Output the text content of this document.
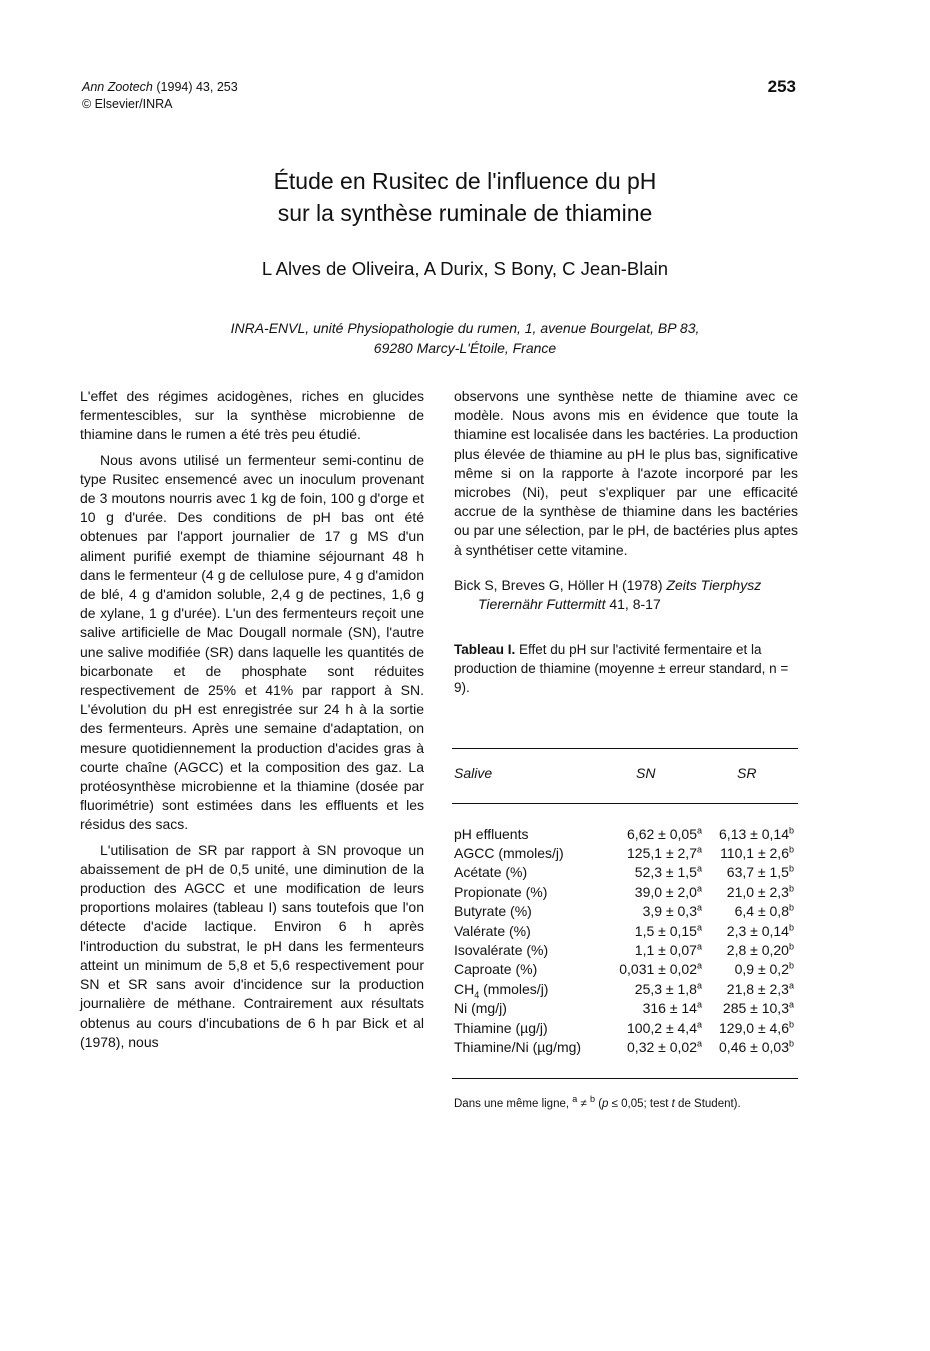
Ann Zootech (1994) 43, 253
© Elsevier/INRA
253
Étude en Rusitec de l'influence du pH
sur la synthèse ruminale de thiamine
L Alves de Oliveira, A Durix, S Bony, C Jean-Blain
INRA-ENVL, unité Physiopathologie du rumen, 1, avenue Bourgelat, BP 83,
69280 Marcy-L'Étoile, France

L'effet des régimes acidogènes, riches en glucides fermentescibles, sur la synthèse microbienne de thiamine dans le rumen a été très peu étudié.

Nous avons utilisé un fermenteur semi-continu de type Rusitec ensemencé avec un inoculum provenant de 3 moutons nourris avec 1 kg de foin, 100 g d'orge et 10 g d'urée. Des conditions de pH bas ont été obtenues par l'apport journalier de 17 g MS d'un aliment purifié exempt de thiamine séjournant 48 h dans le fermenteur (4 g de cellulose pure, 4 g d'amidon de blé, 4 g d'amidon soluble, 2,4 g de pectines, 1,6 g de xylane, 1 g d'urée). L'un des fermenteurs reçoit une salive artificielle de Mac Dougall normale (SN), l'autre une salive modifiée (SR) dans laquelle les quantités de bicarbonate et de phosphate sont réduites respectivement de 25% et 41% par rapport à SN. L'évolution du pH est enregistrée sur 24 h à la sortie des fermenteurs. Après une semaine d'adaptation, on mesure quotidiennement la production d'acides gras à courte chaîne (AGCC) et la composition des gaz. La protéosynthèse microbienne et la thiamine (dosée par fluorimétrie) sont estimées dans les effluents et les résidus des sacs.

L'utilisation de SR par rapport à SN provoque un abaissement de pH de 0,5 unité, une diminution de la production des AGCC et une modification de leurs proportions molaires (tableau I) sans toutefois que l'on détecte d'acide lactique. Environ 6 h après l'introduction du substrat, le pH dans les fermenteurs atteint un minimum de 5,8 et 5,6 respectivement pour SN et SR sans avoir d'incidence sur la production journalière de méthane. Contrairement aux résultats obtenus au cours d'incubations de 6 h par Bick et al (1978), nous

observons une synthèse nette de thiamine avec ce modèle. Nous avons mis en évidence que toute la thiamine est localisée dans les bactéries. La production plus élevée de thiamine au pH le plus bas, significative même si on la rapporte à l'azote incorporé par les microbes (Ni), peut s'expliquer par une efficacité accrue de la synthèse de thiamine dans les bactéries ou par une sélection, par le pH, de bactéries plus aptes à synthétiser cette vitamine.

Bick S, Breves G, Höller H (1978) Zeits Tierphysz Tierernähr Futtermitt 41, 8-17

Tableau I. Effet du pH sur l'activité fermentaire et la production de thiamine (moyenne ± erreur standard, n = 9).

Salive	SN	SR
pH effluents	6,62 ± 0,05$^a$	6,13 ± 0,14$^b$
AGCC (mmoles/j)	125,1 ± 2,7$^a$	110,1 ± 2,6$^b$
Acétate (%)	52,3 ± 1,5$^a$	63,7 ± 1,5$^b$
Propionate (%)	39,0 ± 2,0$^a$	21,0 ± 2,3$^b$
Butyrate (%)	3,9 ± 0,3$^a$	6,4 ± 0,8$^b$
Valérate (%)	1,5 ± 0,15$^a$	2,3 ± 0,14$^b$
Isovalérate (%)	1,1 ± 0,07$^a$	2,8 ± 0,20$^b$
Caproate (%)	0,031 ± 0,02$^a$	0,9 ± 0,2$^b$
$CH_4$ (mmoles/j)	25,3 ± 1,8$^a$	21,8 ± 2,3$^a$
Ni (mg/j)	$316 \pm 14^a$	285 ± 10,3$^a$
Thiamine (µg/j)	100,2 ± 4,4$^a$	129,0 ± 4,6$^b$
Thiamine/Ni (µg/mg)	0,32 ± 0,02$^a$	0,46 ± 0,03$^b$
Dans une même ligne, $^a$ ≠ $^b$ (p ≤ 0,05; test t de Student).
